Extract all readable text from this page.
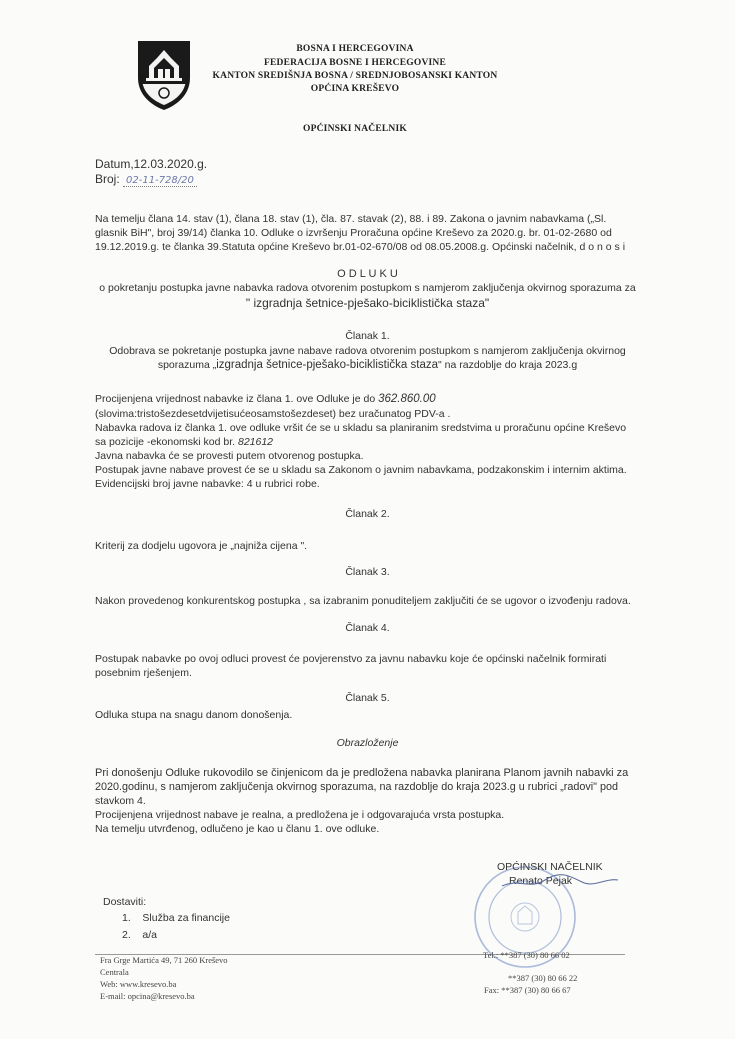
BOSNA I HERCEGOVINA
FEDERACIJA BOSNE I HERCEGOVINE
KANTON SREDIŠNJA BOSNA / SREDNJOBOSANSKI KANTON
OPĆINA KREŠEVO
OPĆINSKI NAČELNIK
Datum,12.03.2020.g.
Broj: 02-11-728/20
Na temelju člana 14. stav (1), člana 18. stav (1), čla. 87. stavak (2), 88. i 89. Zakona o javnim nabavkama („Sl.
glasnik BiH", broj 39/14) člankа 10. Odluke o izvršenju Proračuna općine Kreševo za 2020.g. br. 01-02-2680 od
19.12.2019.g. te članka 39.Statuta općine Kreševo br.01-02-670/08 od 08.05.2008.g. Općinski načelnik, d o n o s i
O D L U K U
o pokretanju postupka javne nabavka radova otvorenim postupkom s namjerom zaključenja okvirnog sporazuma za
" izgradnja šetnice-pješako-biciklistička staza"
Članak 1.
Odobrava se pokretanje postupka javne nabave radova otvorenim postupkom s namjerom zaključenja okvirnog
sporazuma „izgradnja šetnice-pješako-biciklistička staza" na razdoblje do kraja 2023.g
Procijenjena vrijednost nabavke iz člana 1. ove Odluke je do 362.860.00
(slovima:tristošezdesetdvijetisućeosamstošezdeset) bez uračunatog PDV-a .
Nabavka radova iz članka 1. ove odluke vršit će se u skladu sa planiranim sredstvima u proračunu općine Kreševo
sa pozicije -ekonomski kod br. 821612
Javna nabavka će se provesti putem otvorenog postupka.
Postupak javne nabave provest će se u skladu sa Zakonom o javnim nabavkama, podzakonskim i internim aktima.
Evidencijski broj javne nabavke: 4 u rubrici robe.
Članak 2.
Kriterij za dodjelu ugovora je „najniža cijena ".
Članak 3.
Nakon provedenog konkurentskog postupka , sa izabranim ponuditeljem zaključiti će se ugovor o izvođenju radova.
Članak 4.
Postupak nabavke po ovoj odluci provest će povjerenstvo za javnu nabavku koje će općinski načelnik formirati
posebnim rješenjem.
Članak 5.
Odluka stupa na snagu danom donošenja.
Obrazloženje
Pri donošenju Odluke rukovodilo se činjenicom da je predložena nabavka planirana Planom javnih nabavki za
2020.godinu, s namjerom zaključenja okvirnog sporazuma, na razdoblje do kraja 2023.g u rubrici „radovi" pod
stavkom 4.
Procijenjena vrijednost nabave je realna, a predložena je i odgovarajuća vrsta postupka.
Na temelju utvrđenog, odlučeno je kao u članu 1. ove odluke.
OPĆINSKI NAČELNIK
Renato Pejak
Dostaviti:
1.    Služba za financije
2.    a/a
Fra Grge Martića 49, 71 260 Kreševo
Centrala
Web: www.kresevo.ba
E-mail: opcina@kresevo.ba
Tel.: **387 (30) 80 66 02
**387 (30) 80 66 22
Fax: **387 (30) 80 66 67
